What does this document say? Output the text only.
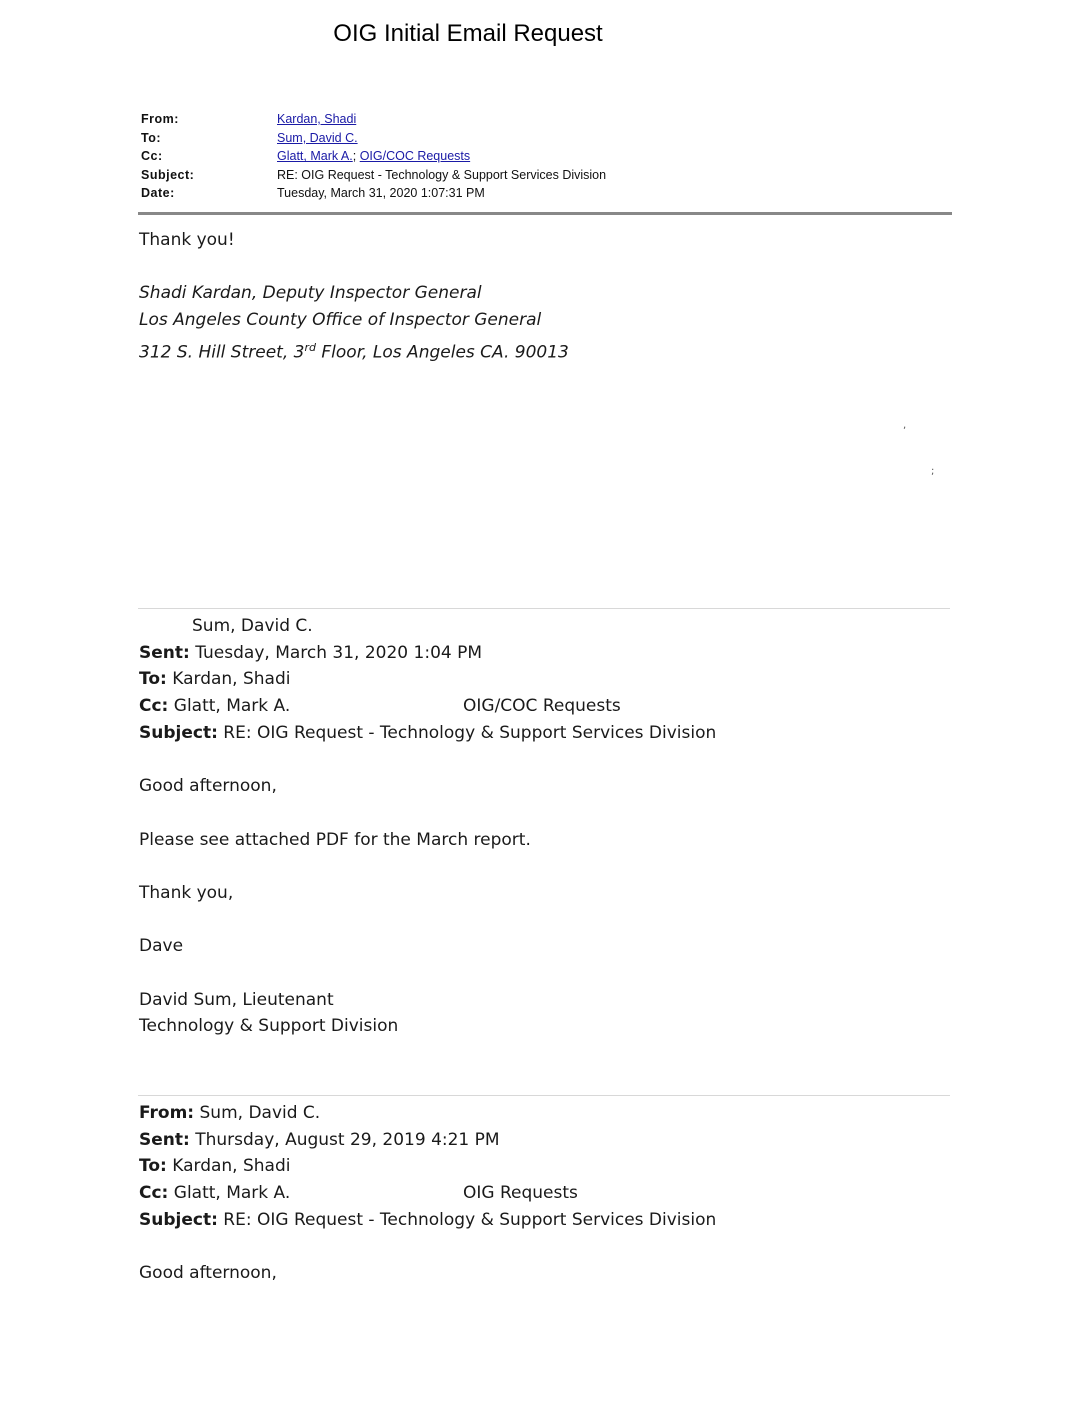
OIG Initial Email Request
From:	Kardan, Shadi
To:	Sum, David C.
Cc:	Glatt, Mark A.; OIG/COC Requests
Subject:	RE: OIG Request - Technology & Support Services Division
Date:	Tuesday, March 31, 2020 1:07:31 PM
Thank you!
Shadi Kardan, Deputy Inspector General
Los Angeles County Office of Inspector General
312 S. Hill Street, 3rd Floor, Los Angeles CA. 90013
,
;
Sum, David C.
Sent: Tuesday, March 31, 2020 1:04 PM
To: Kardan, Shadi
Cc: Glatt, Mark A.	OIG/COC Requests
Subject: RE: OIG Request - Technology & Support Services Division
Good afternoon,
Please see attached PDF for the March report.
Thank you,
Dave
David Sum, Lieutenant
Technology & Support Division
From: Sum, David C.
Sent: Thursday, August 29, 2019 4:21 PM
To: Kardan, Shadi
Cc: Glatt, Mark A.	OIG Requests
Subject: RE: OIG Request - Technology & Support Services Division
Good afternoon,
